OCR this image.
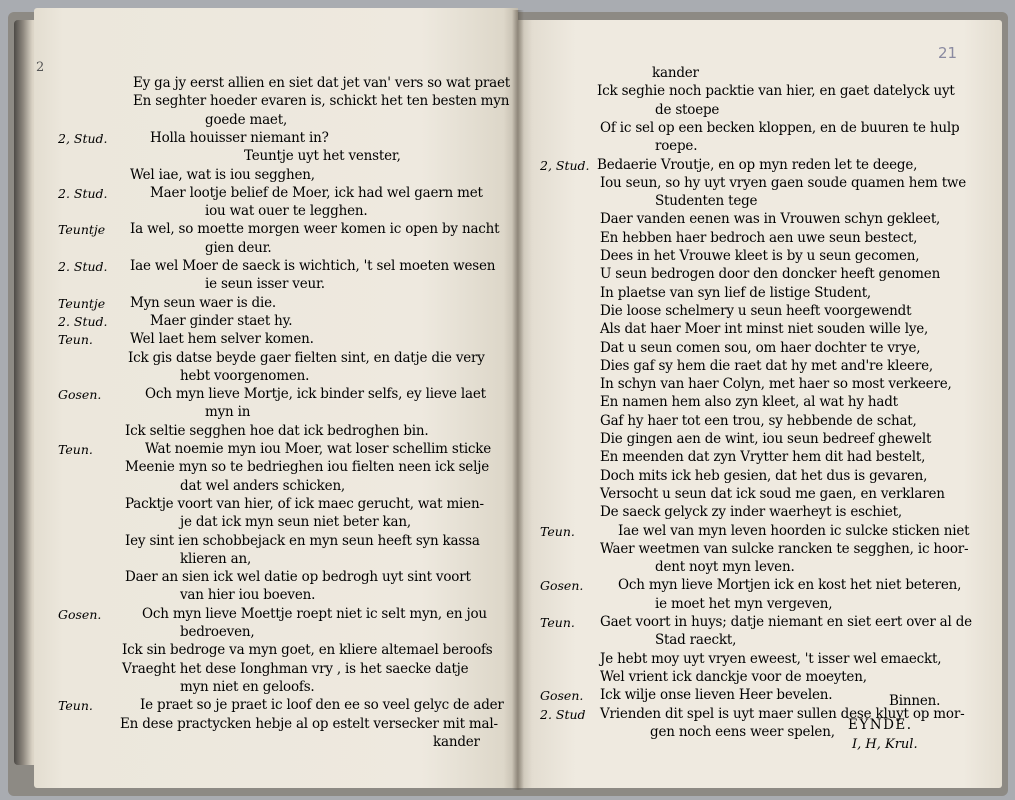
2
21
Binnen.
EYNDE.
I, H, Krul.
Ey ga jy eerst allien en siet dat jet van' vers so wat praet
En seghter hoeder evaren is, schickt het ten besten myn
goede maet,
2, Stud.	Holla houisser niemant in?
Teuntje uyt het venster,
Wel iae, wat is iou segghen,
2. Stud.	Maer lootje belief de Moer, ick had wel gaern met
iou wat ouer te legghen.
Teuntje Ia wel, so moette morgen weer komen ic open by nacht
gien deur.
2. Stud. Iae wel Moer de saeck is wichtich, 't sel moeten wesen
ie seun isser veur.
Teuntje Myn seun waer is die.
2. Stud.	Maer ginder staet hy.
Teun.	Wel laet hem selver komen.
Ick gis datse beyde gaer fielten sint, en datje die very
hebt voorgenomen.
Gosen.	Och myn lieve Mortje, ick binder selfs, ey lieve laet
myn in
Ick seltie segghen hoe dat ick bedroghen bin.
Teun.	Wat noemie myn iou Moer, wat loser schellim sticke
Meenie myn so te bedrieghen iou fielten neen ick selje
dat wel anders schicken,
Packtje voort van hier, of ick maec gerucht, wat mien-
je dat ick myn seun niet beter kan,
Iey sint ien schobbejack en myn seun heeft syn kassa
klieren an,
Daer an sien ick wel datie op bedrogh uyt sint voort
van hier iou boeven.
Gosen.	Och myn lieve Moettje roept niet ic selt myn, en jou
bedroeven,
Ick sin bedroge va myn goet, en kliere altemael beroofs
Vraeght het dese Ionghman vry , is het saecke datje
myn niet en geloofs.
Teun.	Ie praet so je praet ic loof den ee so veel gelyc de ader
En dese practycken hebje al op estelt versecker mit mal-
kander
kander
Ick seghie noch packtie van hier, en gaet datelyck uyt
de stoepe
Of ic sel op een becken kloppen, en de buuren te hulp
roepe.
2, Stud. Bedaerie Vroutje, en op myn reden let te deege,
Iou seun, so hy uyt vryen gaen soude quamen hem twe
Studenten tege
Daer vanden eenen was in Vrouwen schyn gekleet,
En hebben haer bedroch aen uwe seun bestect,
Dees in het Vrouwe kleet is by u seun gecomen,
U seun bedrogen door den doncker heeft genomen
In plaetse van syn lief de listige Student,
Die loose schelmery u seun heeft voorgewendt
Als dat haer Moer int minst niet souden wille lye,
Dat u seun comen sou, om haer dochter te vrye,
Dies gaf sy hem die raet dat hy met and're kleere,
In schyn van haer Colyn, met haer so most verkeere,
En namen hem also zyn kleet, al wat hy hadt
Gaf hy haer tot een trou, sy hebbende de schat,
Die gingen aen de wint, iou seun bedreef ghewelt
En meenden dat zyn Vrytter hem dit had bestelt,
Doch mits ick heb gesien, dat het dus is gevaren,
Versocht u seun dat ick soud me gaen, en verklaren
De saeck gelyck zy inder waerheyt is eschiet,
Teun.	Iae wel van myn leven hoorden ic sulcke sticken niet
Waer weetmen van sulcke rancken te segghen, ic hoor-
dent noyt myn leven.
Gosen.	Och myn lieve Mortjen ick en kost het niet beteren,
ie moet het myn vergeven,
Teun. Gaet voort in huys; datje niemant en siet eert over al de
Stad raeckt,
Je hebt moy uyt vryen eweest, 't isser wel emaeckt,
Wel vrient ick danckje voor de moeyten,
Gosen. Ick wilje onse lieven Heer bevelen.
2. Stud Vrienden dit spel is uyt maer sullen dese kluyt op mor-
gen noch eens weer spelen,
